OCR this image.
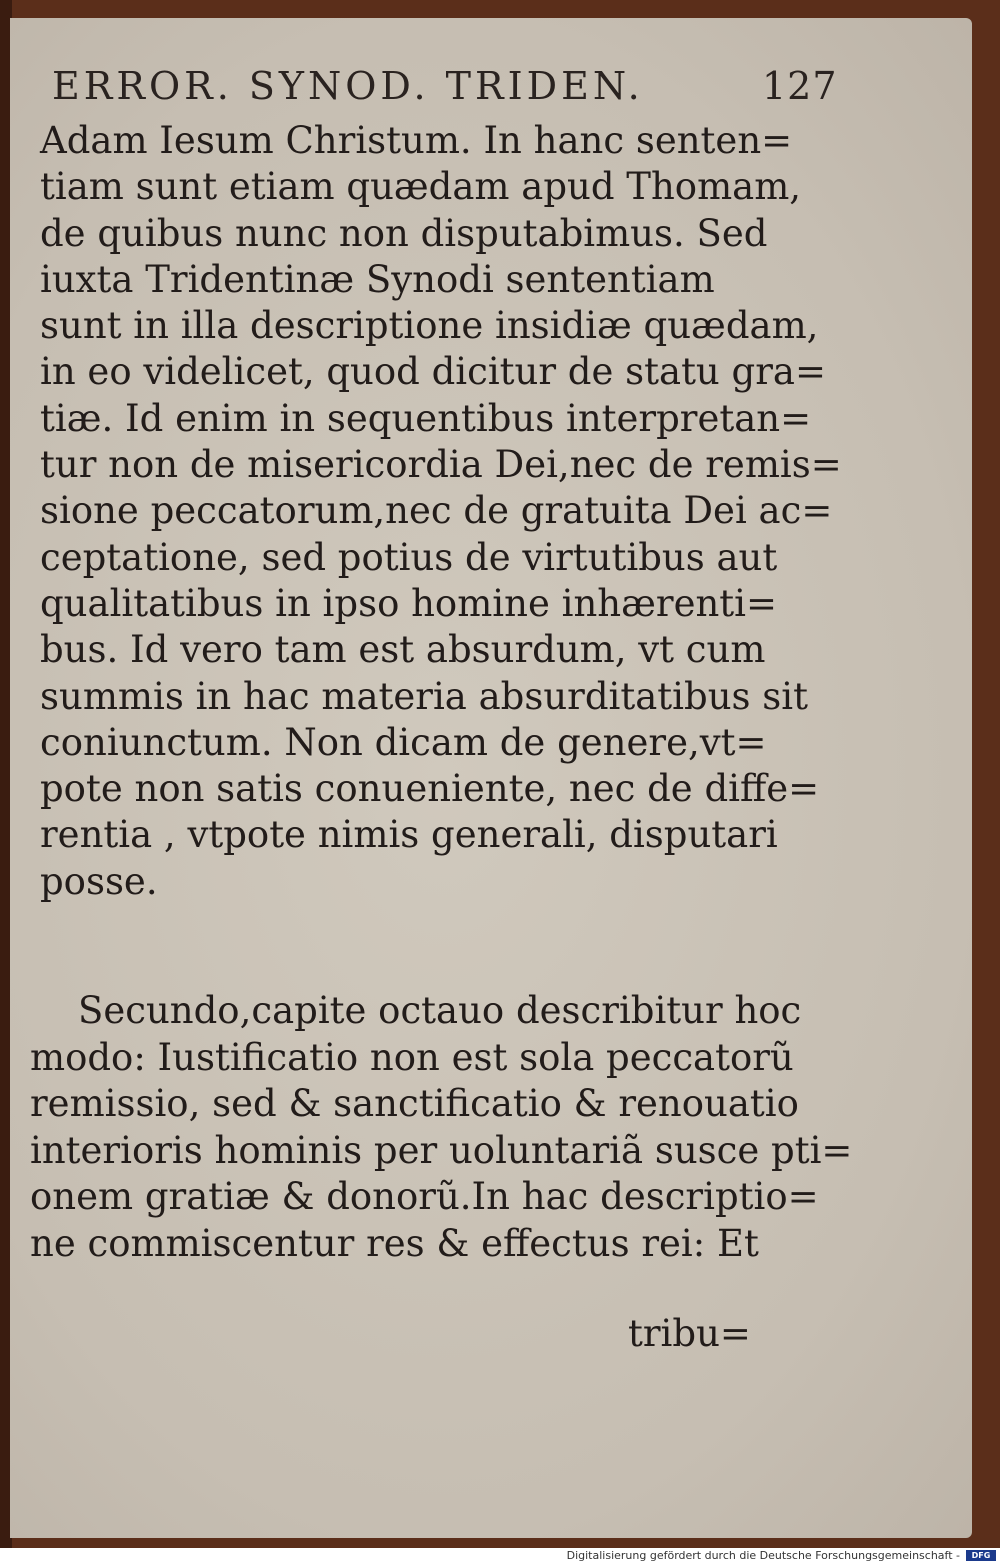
ERROR. SYNOD. TRIDEN.	127
Adam Iesum Christum. In hanc senten=
tiam sunt etiam quædam apud Thomam,
de quibus nunc non disputabimus. Sed
iuxta Tridentinæ Synodi sententiam
sunt in illa descriptione insidiæ quædam,
in eo videlicet, quod dicitur de statu gra=
tiæ. Id enim in sequentibus interpretan=
tur non de misericordia Dei,nec de remis=
sione peccatorum,nec de gratuita Dei ac=
ceptatione, sed potius de virtutibus aut
qualitatibus in ipso homine inhærenti=
bus. Id vero tam est absurdum, vt cum
summis in hac materia absurditatibus sit
coniunctum. Non dicam de genere,vt=
pote non satis conueniente, nec de diffe=
rentia , vtpote nimis generali, disputari
posse.
Secundo,capite octauo describitur hoc
modo: Iustificatio non est sola peccatorũ
remissio, sed & sanctificatio & renouatio
interioris hominis per uoluntariã susce pti=
onem gratiæ & donorũ.In hac descriptio=
ne commiscentur res & effectus rei: Et
tribu=
Digitalisierung gefördert durch die Deutsche Forschungsgemeinschaft -	DFG
